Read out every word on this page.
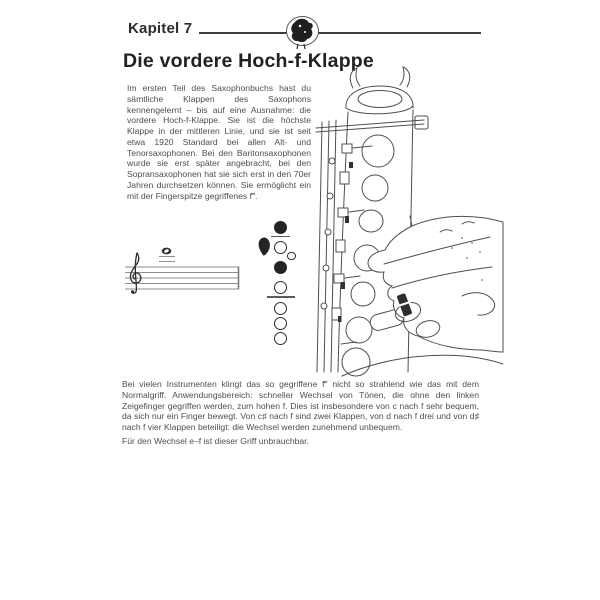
Kapitel 7
Die vordere Hoch-f-Klappe

Im ersten Teil des Saxophonbuchs hast du sämtliche Klappen des Saxophons kennengelernt – bis auf eine Ausnahme: die vordere Hoch-f-Klappe. Sie ist die höchste Klappe in der mittleren Linie, und sie ist seit etwa 1920 Standard bei allen Alt- und Tenorsaxophonen. Bei den Baritonsaxophonen wurde sie erst später angebracht, bei den Sopransaxophonen hat sie sich erst in den 70er Jahren durchsetzen können. Sie ermöglicht ein mit der Fingerspitze gegriffenes f‴.

Bei vielen Instrumenten klingt das so gegriffene f‴ nicht so strahlend wie das mit dem Normalgriff. Anwendungsbereich: schneller Wechsel von Tönen, die ohne den linken Zeigefinger gegriffen werden, zum hohen f. Dies ist insbesondere von c nach f sehr bequem, da sich nur ein Finger bewegt. Von c♯ nach f sind zwei Klappen, von d nach f drei und von d♯ nach f vier Klappen beteiligt: die Wechsel werden zunehmend unbequem.

Für den Wechsel e–f ist dieser Griff unbrauchbar.
